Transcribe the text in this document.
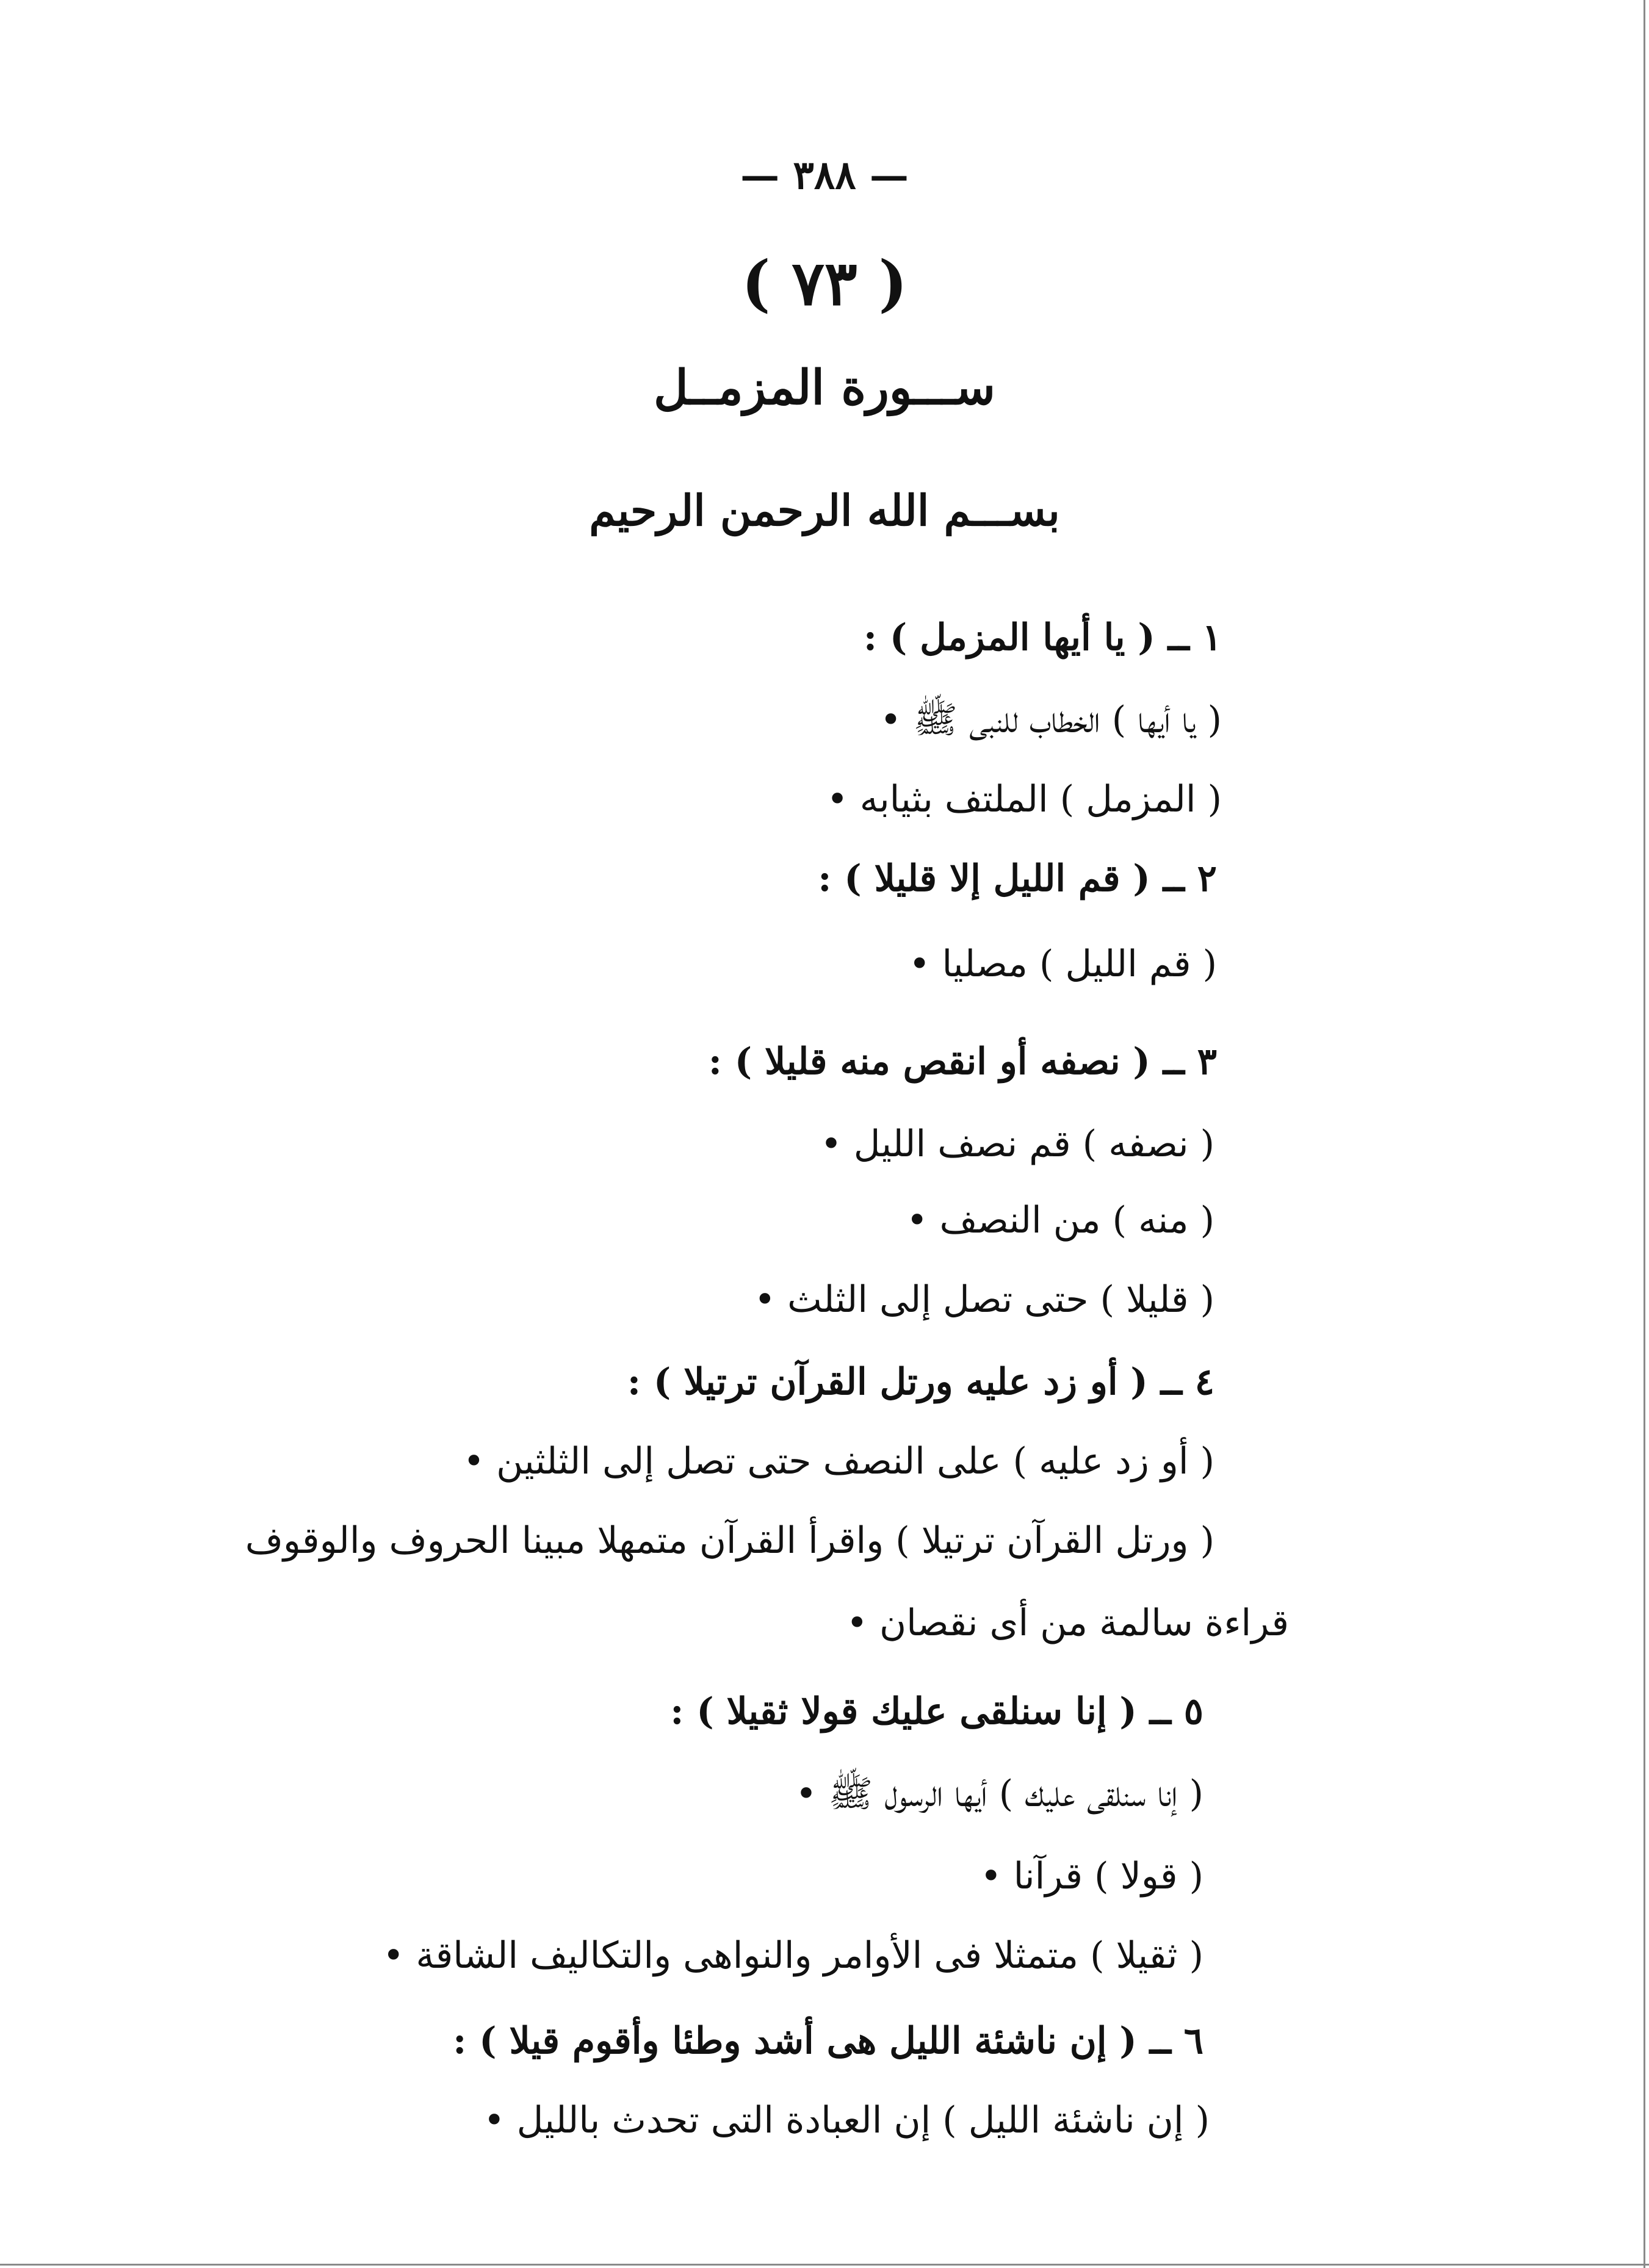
— ٣٨٨ —
( ٧٣ )
ســـورة المزمــل
بســـم الله الرحمن الرحيم
١ ــ ( يا أيها المزمل ) :
( يا أيها ) الخطاب للنبى ﷺ •
( المزمل ) الملتف بثيابه •
٢ ــ ( قم الليل إلا قليلا ) :
( قم الليل ) مصليا •
٣ ــ ( نصفه أو انقص منه قليلا ) :
( نصفه ) قم نصف الليل •
( منه ) من النصف •
( قليلا ) حتى تصل إلى الثلث •
٤ ــ ( أو زد عليه ورتل القرآن ترتيلا ) :
( أو زد عليه ) على النصف حتى تصل إلى الثلثين •
( ورتل القرآن ترتيلا ) واقرأ القرآن متمهلا مبينا الحروف والوقوف
قراءة سالمة من أى نقصان •
٥ ــ ( إنا سنلقى عليك قولا ثقيلا ) :
( إنا سنلقى عليك ) أيها الرسول ﷺ •
( قولا ) قرآنا •
( ثقيلا ) متمثلا فى الأوامر والنواهى والتكاليف الشاقة •
٦ ــ ( إن ناشئة الليل هى أشد وطئا وأقوم قيلا ) :
( إن ناشئة الليل ) إن العبادة التى تحدث بالليل •
